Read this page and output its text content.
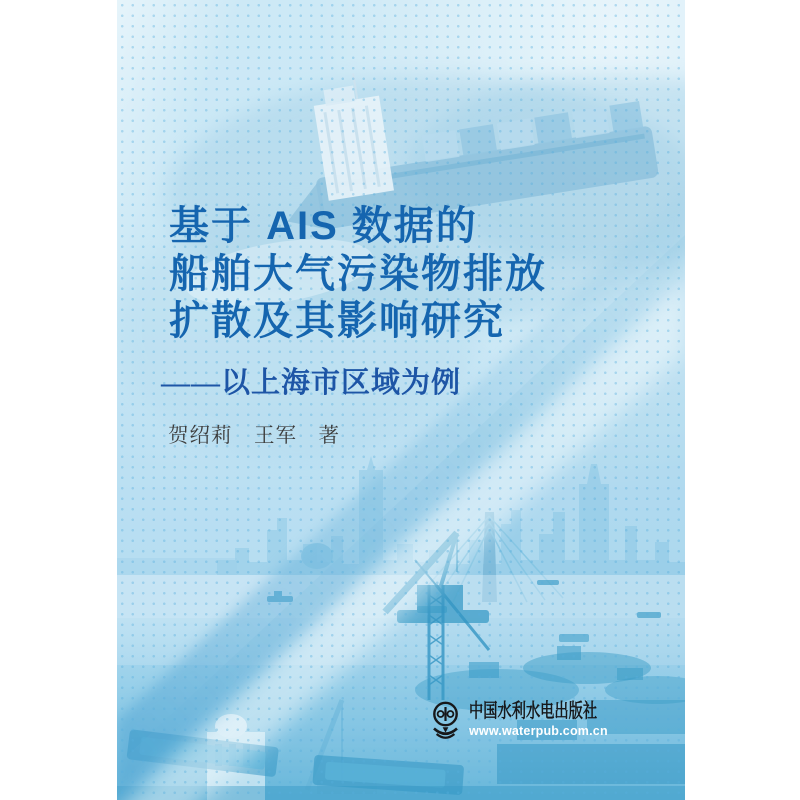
基于 AIS 数据的
船舶大气污染物排放
扩散及其影响研究
——以上海市区域为例
贺绍莉　王军　著
中国水利水电出版社
www.waterpub.com.cn
